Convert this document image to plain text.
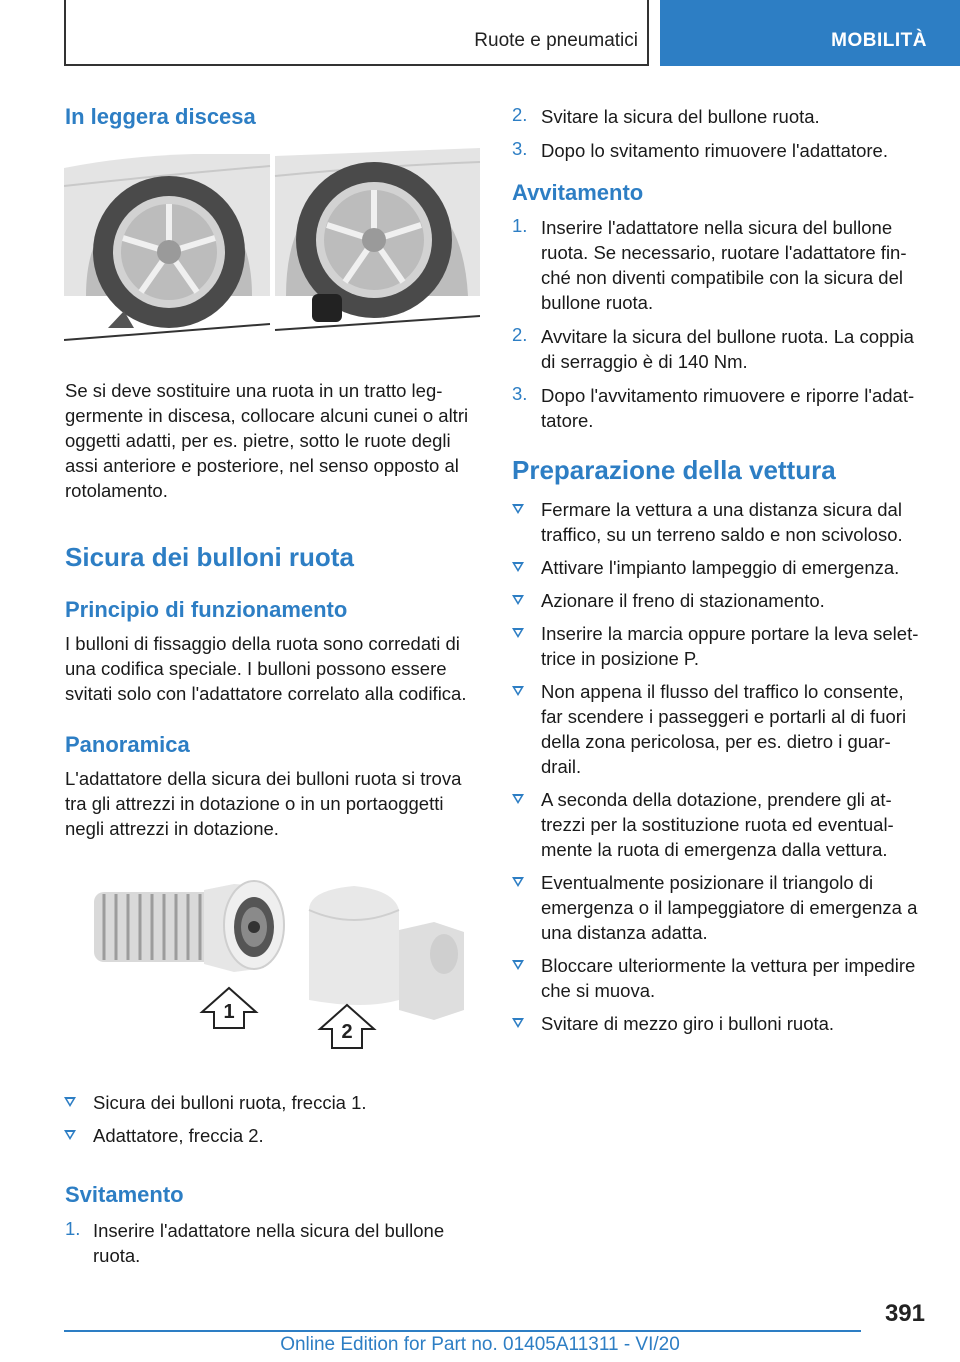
Ruote e pneumatici	MOBILITÀ
In leggera discesa
Se si deve sostituire una ruota in un tratto leg‐
germente in discesa, collocare alcuni cunei o altri
oggetti adatti, per es. pietre, sotto le ruote degli
assi anteriore e posteriore, nel senso opposto al
rotolamento.
Sicura dei bulloni ruota
Principio di funzionamento
I bulloni di fissaggio della ruota sono corredati di
una codifica speciale. I bulloni possono essere
svitati solo con l'adattatore correlato alla codifica.
Panoramica
L'adattatore della sicura dei bulloni ruota si trova
tra gli attrezzi in dotazione o in un portaoggetti
negli attrezzi in dotazione.
1
2
Sicura dei bulloni ruota, freccia 1.
Adattatore, freccia 2.
Svitamento
1. Inserire l'adattatore nella sicura del bullone
ruota.
2. Svitare la sicura del bullone ruota.
3. Dopo lo svitamento rimuovere l'adattatore.
Avvitamento
1. Inserire l'adattatore nella sicura del bullone
ruota. Se necessario, ruotare l'adattatore fin‐
ché non diventi compatibile con la sicura del
bullone ruota.
2. Avvitare la sicura del bullone ruota. La coppia
di serraggio è di 140 Nm.
3. Dopo l'avvitamento rimuovere e riporre l'adat‐
tatore.
Preparazione della vettura
Fermare la vettura a una distanza sicura dal
traffico, su un terreno saldo e non scivoloso.
Attivare l'impianto lampeggio di emergenza.
Azionare il freno di stazionamento.
Inserire la marcia oppure portare la leva selet‐
trice in posizione P.
Non appena il flusso del traffico lo consente,
far scendere i passeggeri e portarli al di fuori
della zona pericolosa, per es. dietro i guar‐
drail.
A seconda della dotazione, prendere gli at‐
trezzi per la sostituzione ruota ed eventual‐
mente la ruota di emergenza dalla vettura.
Eventualmente posizionare il triangolo di
emergenza o il lampeggiatore di emergenza a
una distanza adatta.
Bloccare ulteriormente la vettura per impedire
che si muova.
Svitare di mezzo giro i bulloni ruota.
391
Online Edition for Part no. 01405A11311 - VI/20
